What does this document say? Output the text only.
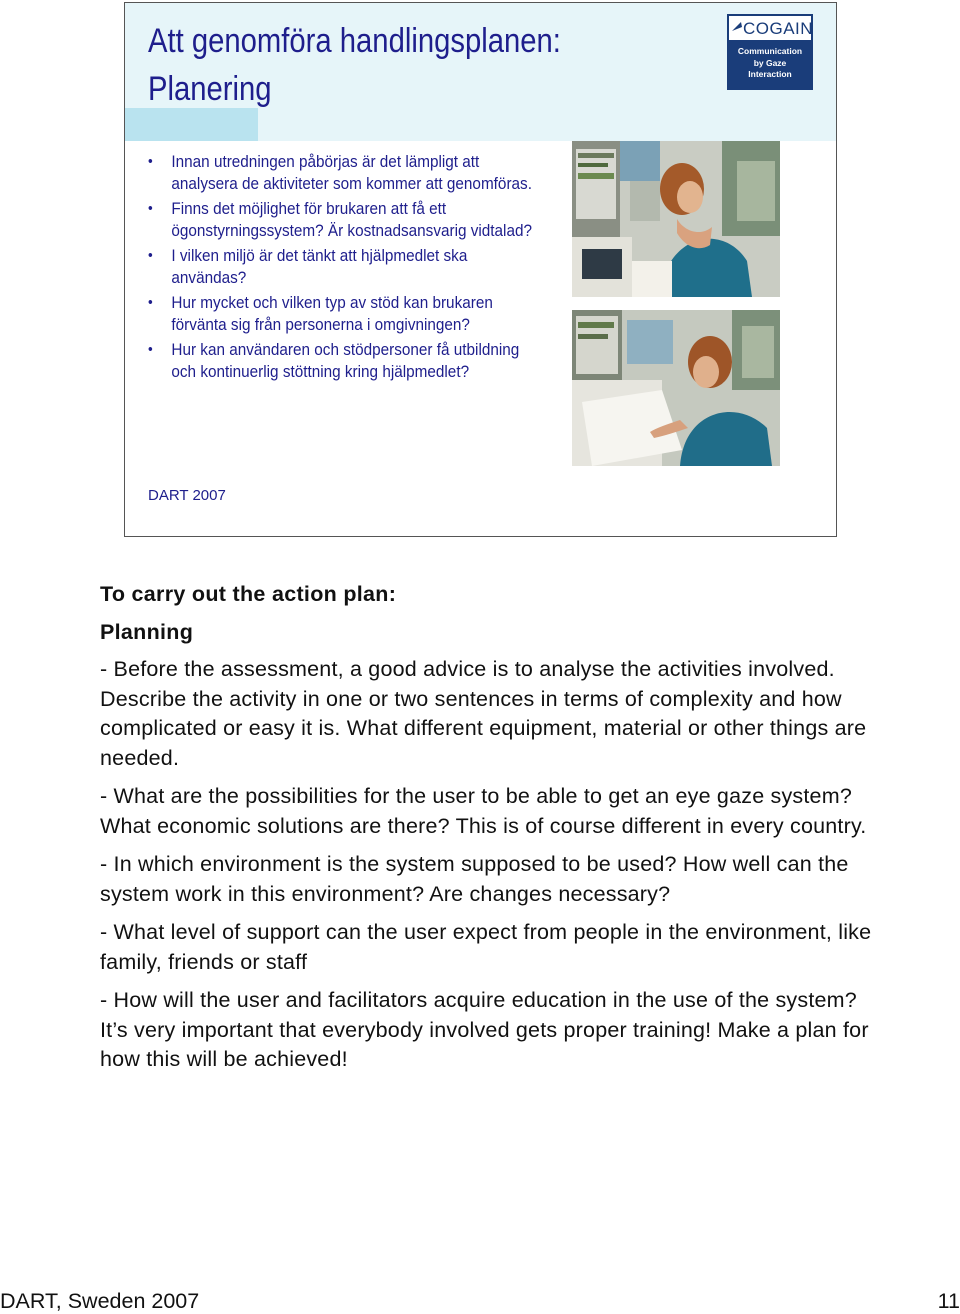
Att genomföra handlingsplanen:
Planering
COGAIN
Communication
by Gaze
Interaction
• Innan utredningen påbörjas är det lämpligt att analysera de aktiviteter som kommer att genomföras.
• Finns det möjlighet för brukaren att få ett ögonstyrningssystem? Är kostnadsansvarig vidtalad?
• I vilken miljö är det tänkt att hjälpmedlet ska användas?
• Hur mycket och vilken typ av stöd kan brukaren förvänta sig från personerna i omgivningen?
• Hur kan användaren och stödpersoner få utbildning och kontinuerlig stöttning kring hjälpmedlet?
DART 2007
To carry out the action plan:
Planning

- Before the assessment, a good advice is to analyse the activities involved. Describe the activity in one or two sentences in terms of complexity and how complicated or easy it is. What different equipment, material or other things are needed.

- What are the possibilities for the user to be able to get an eye gaze system? What economic solutions are there? This is of course different in every country.

- In which environment is the system supposed to be used? How well can the system work in this environment? Are changes necessary?

- What level of support can the user expect from people in the environment, like family, friends or staff

- How will the user and facilitators acquire education in the use of the system? It’s very important that everybody involved gets proper training! Make a plan for how this will be achieved!

DART, Sweden 2007	11
